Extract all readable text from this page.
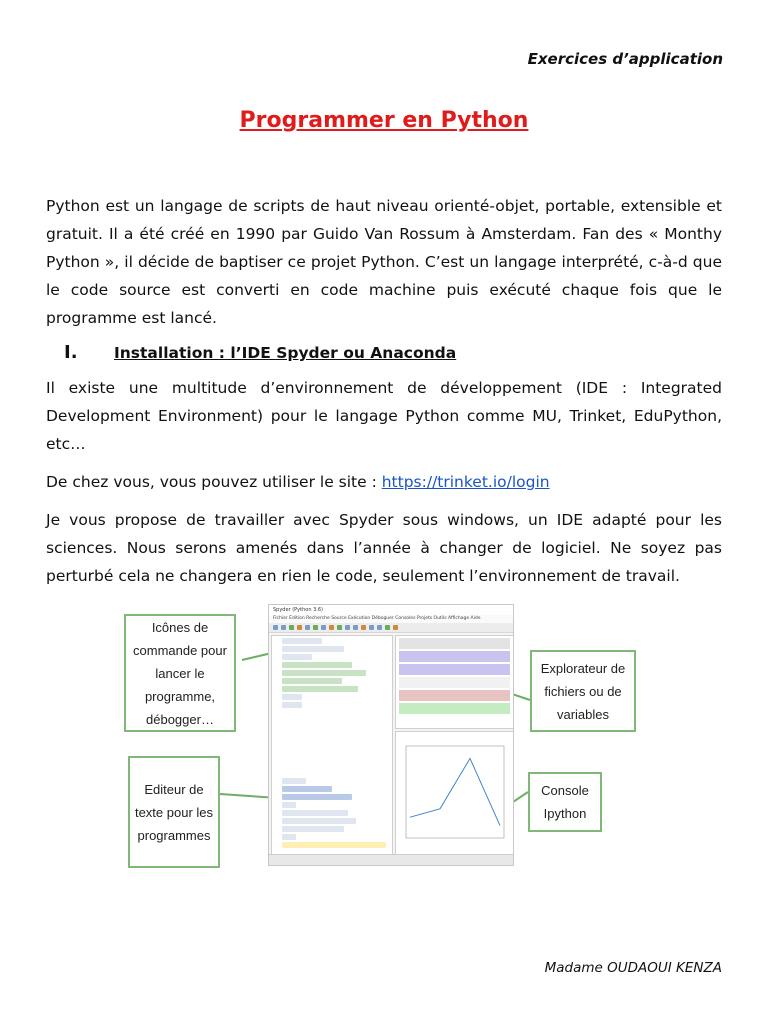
Exercices d’application
Programmer en Python

Python est un langage de scripts de haut niveau orienté-objet, portable, extensible et gratuit. Il a été créé en 1990 par Guido Van Rossum à Amsterdam. Fan des « Monthy Python », il décide de baptiser ce projet Python. C’est un langage interprété, c-à-d que le code source est converti en code machine puis exécuté chaque fois que le programme est lancé.

I. Installation : l’IDE Spyder ou Anaconda

Il existe une multitude d’environnement de développement (IDE : Integrated Development Environment) pour le langage Python comme MU, Trinket, EduPython, etc…

De chez vous, vous pouvez utiliser le site : https://trinket.io/login

Je vous propose de travailler avec Spyder sous windows, un IDE adapté pour les sciences. Nous serons amenés dans l’année à changer de logiciel. Ne soyez pas perturbé cela ne changera en rien le code, seulement l’environnement de travail.

Icônes de commande pour lancer le programme, débogger…
Editeur de texte pour les programmes
Explorateur de fichiers ou de variables
Console Ipython
Spyder (Python 3.6)
Fichier Édition Recherche Source Exécution Déboguer Consoles Projets Outils Affichage Aide
Madame OUDAOUI KENZA
